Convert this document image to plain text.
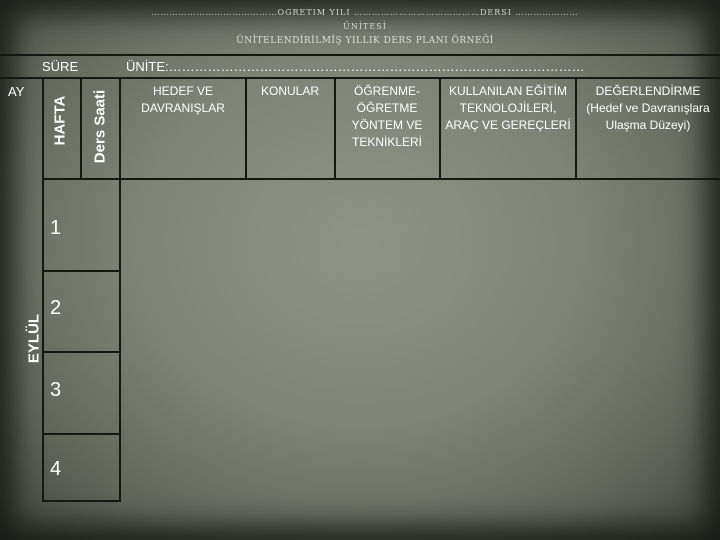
……………………………………ÖĞRETİM YILI ……………………………………DERSİ …………………ÜNİTESİ
ÜNİTELENDİRİLMİŞ YILLIK DERS PLANI ÖRNEĞİ
SÜRE	ÜNİTE:……………………………………………………………………………………
AY
HAFTA Ders Saati
EYLÜL
HEDEF VE DAVRANIŞLAR
KONULAR	ÖĞRENME-ÖĞRETME YÖNTEM VE TEKNİKLERİ
KULLANILAN EĞİTİM TEKNOLOJİLERİ, ARAÇ VE GEREÇLERİ
DEĞERLENDİRME (Hedef ve Davranışlara Ulaşma Düzeyi)
1
2
3
4
